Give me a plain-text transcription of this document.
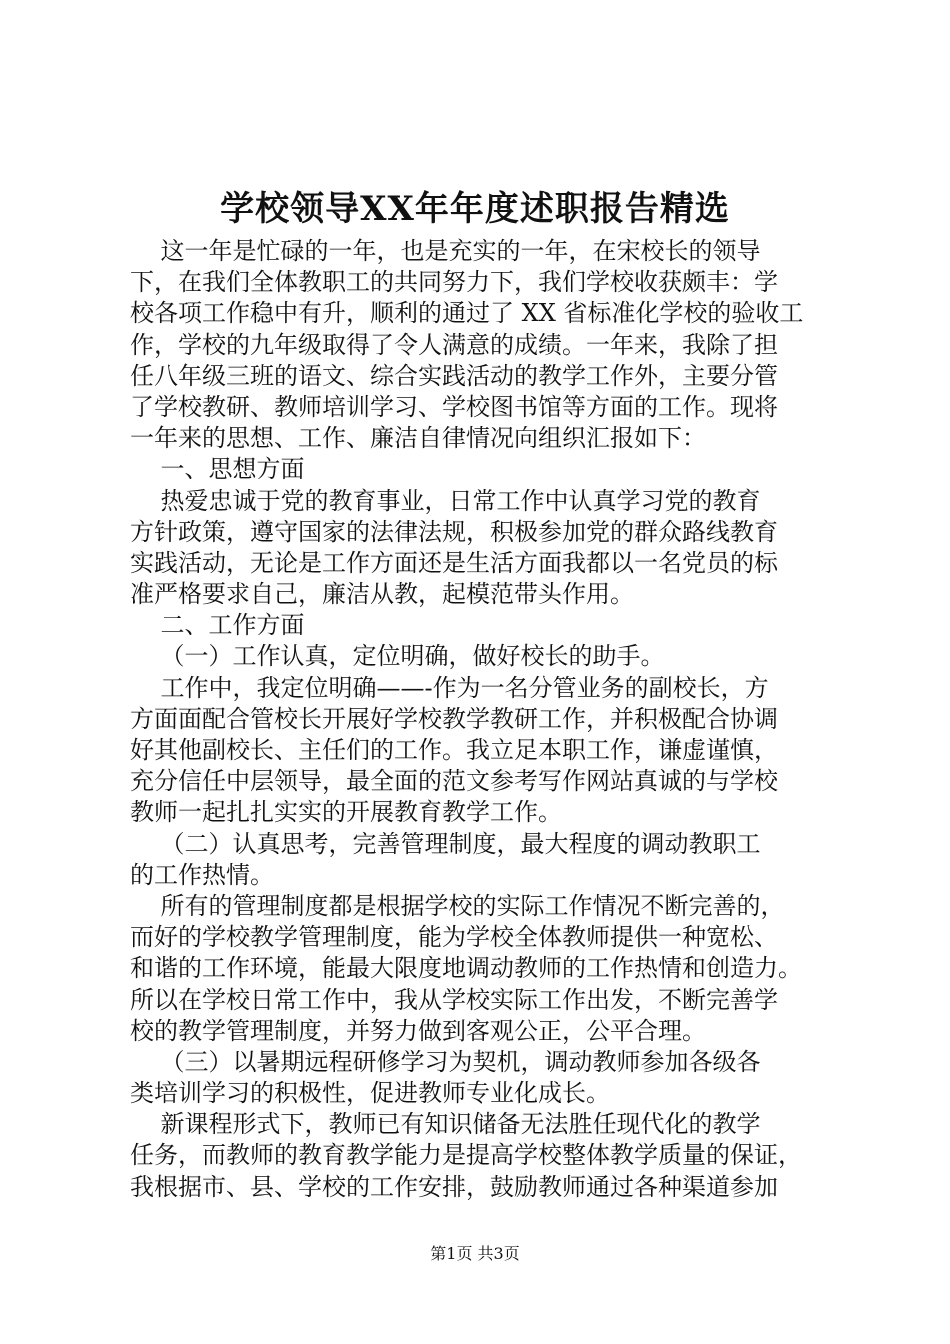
学校领导XX年年度述职报告精选
这一年是忙碌的一年，也是充实的一年，在宋校长的领导
下，在我们全体教职工的共同努力下，我们学校收获颇丰：学
校各项工作稳中有升，顺利的通过了 XX 省标准化学校的验收工
作，学校的九年级取得了令人满意的成绩。一年来，我除了担
任八年级三班的语文、综合实践活动的教学工作外，主要分管
了学校教研、教师培训学习、学校图书馆等方面的工作。现将
一年来的思想、工作、廉洁自律情况向组织汇报如下：
一、思想方面
热爱忠诚于党的教育事业，日常工作中认真学习党的教育
方针政策，遵守国家的法律法规，积极参加党的群众路线教育
实践活动，无论是工作方面还是生活方面我都以一名党员的标
准严格要求自己，廉洁从教，起模范带头作用。
二、工作方面
（一）工作认真，定位明确，做好校长的助手。
工作中，我定位明确——-作为一名分管业务的副校长，方
方面面配合管校长开展好学校教学教研工作，并积极配合协调
好其他副校长、主任们的工作。我立足本职工作，谦虚谨慎，
充分信任中层领导，最全面的范文参考写作网站真诚的与学校
教师一起扎扎实实的开展教育教学工作。
（二）认真思考，完善管理制度，最大程度的调动教职工
的工作热情。
所有的管理制度都是根据学校的实际工作情况不断完善的，
而好的学校教学管理制度，能为学校全体教师提供一种宽松、
和谐的工作环境，能最大限度地调动教师的工作热情和创造力。
所以在学校日常工作中，我从学校实际工作出发，不断完善学
校的教学管理制度，并努力做到客观公正，公平合理。
（三）以暑期远程研修学习为契机，调动教师参加各级各
类培训学习的积极性，促进教师专业化成长。
新课程形式下，教师已有知识储备无法胜任现代化的教学
任务，而教师的教育教学能力是提高学校整体教学质量的保证，
我根据市、县、学校的工作安排，鼓励教师通过各种渠道参加
第1页 共3页
